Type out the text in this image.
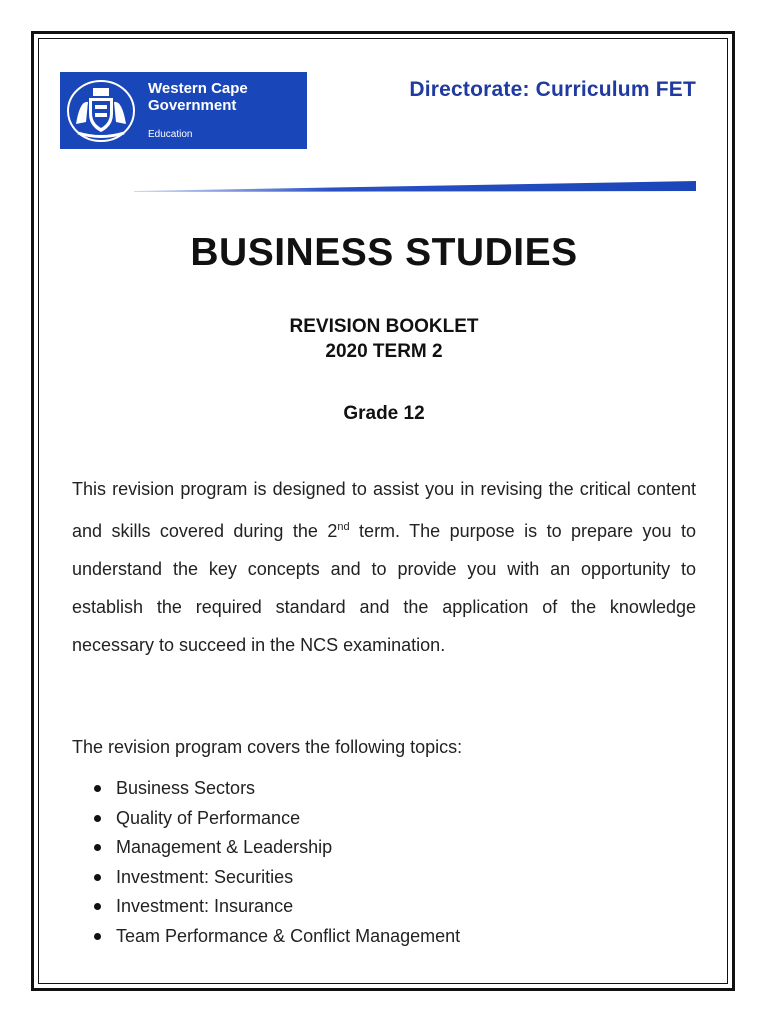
Western Cape
Government
Education
Directorate: Curriculum FET
BUSINESS STUDIES
REVISION BOOKLET
2020 TERM 2
Grade 12
This revision program is designed to assist you in revising the critical content and skills covered during the 2nd term. The purpose is to prepare you to understand the key concepts and to provide you with an opportunity to establish the required standard and the application of the knowledge necessary to succeed in the NCS examination.
The revision program covers the following topics:
Business Sectors
Quality of Performance
Management & Leadership
Investment: Securities
Investment: Insurance
Team Performance & Conflict Management
